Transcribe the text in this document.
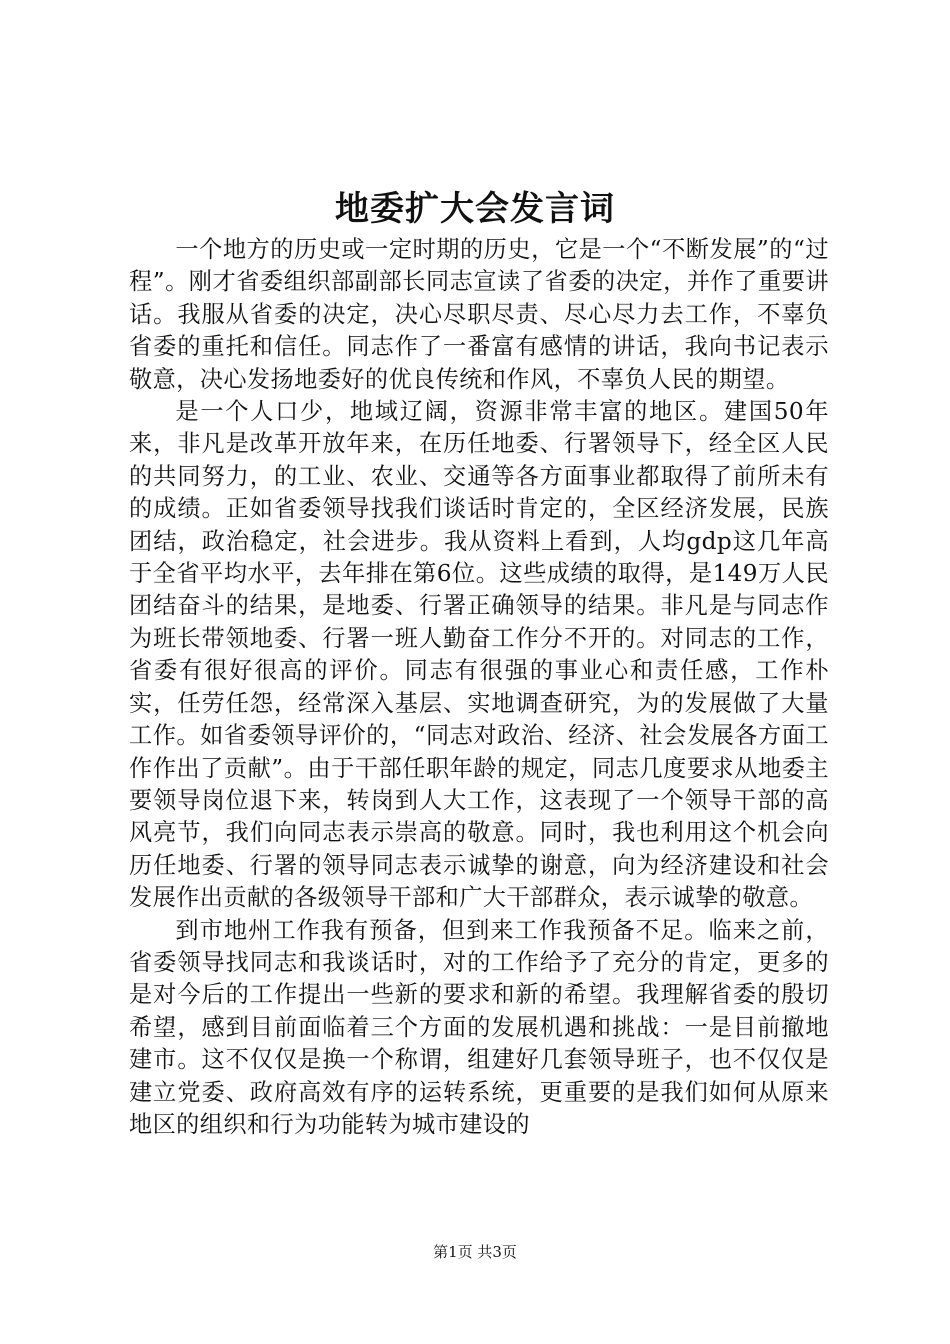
地委扩大会发言词

一个地方的历史或一定时期的历史，它是一个“不断发展”的“过程”。刚才省委组织部副部长同志宣读了省委的决定，并作了重要讲话。我服从省委的决定，决心尽职尽责、尽心尽力去工作，不辜负省委的重托和信任。同志作了一番富有感情的讲话，我向书记表示敬意，决心发扬地委好的优良传统和作风，不辜负人民的期望。

是一个人口少，地域辽阔，资源非常丰富的地区。建国50年来，非凡是改革开放年来，在历任地委、行署领导下，经全区人民的共同努力，的工业、农业、交通等各方面事业都取得了前所未有的成绩。正如省委领导找我们谈话时肯定的，全区经济发展，民族团结，政治稳定，社会进步。我从资料上看到，人均gdp这几年高于全省平均水平，去年排在第6位。这些成绩的取得，是149万人民团结奋斗的结果，是地委、行署正确领导的结果。非凡是与同志作为班长带领地委、行署一班人勤奋工作分不开的。对同志的工作，省委有很好很高的评价。同志有很强的事业心和责任感，工作朴实，任劳任怨，经常深入基层、实地调查研究，为的发展做了大量工作。如省委领导评价的，“同志对政治、经济、社会发展各方面工作作出了贡献”。由于干部任职年龄的规定，同志几度要求从地委主要领导岗位退下来，转岗到人大工作，这表现了一个领导干部的高风亮节，我们向同志表示崇高的敬意。同时，我也利用这个机会向历任地委、行署的领导同志表示诚挚的谢意，向为经济建设和社会发展作出贡献的各级领导干部和广大干部群众，表示诚挚的敬意。

到市地州工作我有预备，但到来工作我预备不足。临来之前，省委领导找同志和我谈话时，对的工作给予了充分的肯定，更多的是对今后的工作提出一些新的要求和新的希望。我理解省委的殷切希望，感到目前面临着三个方面的发展机遇和挑战：一是目前撤地建市。这不仅仅是换一个称谓，组建好几套领导班子，也不仅仅是建立党委、政府高效有序的运转系统，更重要的是我们如何从原来地区的组织和行为功能转为城市建设的

第1页 共3页
